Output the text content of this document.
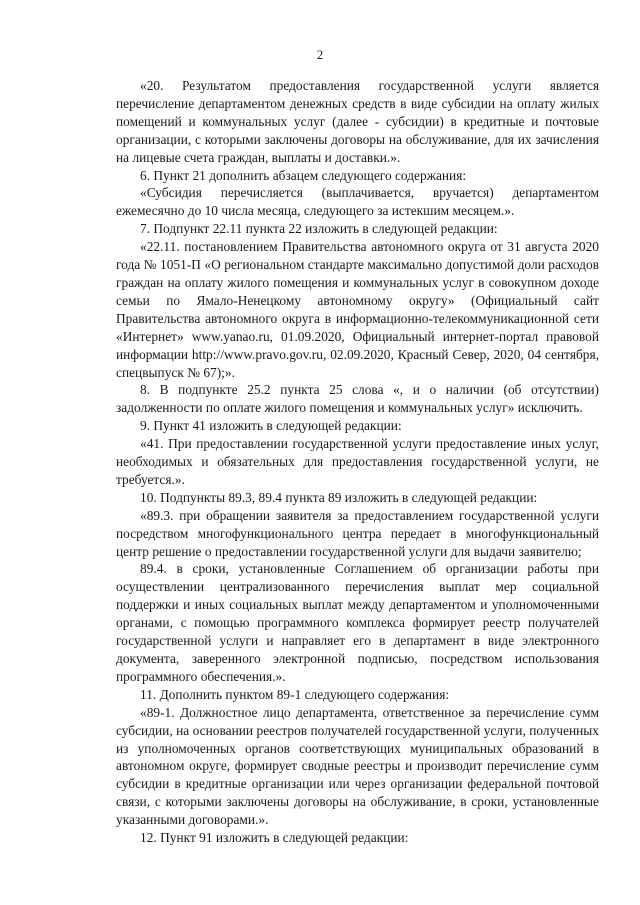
2

«20. Результатом предоставления государственной услуги является перечисление департаментом денежных средств в виде субсидии на оплату жилых помещений и коммунальных услуг (далее - субсидии) в кредитные и почтовые организации, с которыми заключены договоры на обслуживание, для их зачисления на лицевые счета граждан, выплаты и доставки.».

6. Пункт 21 дополнить абзацем следующего содержания:

«Субсидия перечисляется (выплачивается, вручается) департаментом ежемесячно до 10 числа месяца, следующего за истекшим месяцем.».

7. Подпункт 22.11 пункта 22 изложить в следующей редакции:

«22.11. постановлением Правительства автономного округа от 31 августа 2020 года № 1051-П «О региональном стандарте максимально допустимой доли расходов граждан на оплату жилого помещения и коммунальных услуг в совокупном доходе семьи по Ямало-Ненецкому автономному округу» (Официальный сайт Правительства автономного округа в информационно-телекоммуникационной сети «Интернет» www.yanao.ru, 01.09.2020, Официальный интернет-портал правовой информации http://www.pravo.gov.ru, 02.09.2020, Красный Север, 2020, 04 сентября, спецвыпуск № 67);».

8. В подпункте 25.2 пункта 25 слова «, и о наличии (об отсутствии) задолженности по оплате жилого помещения и коммунальных услуг» исключить.

9. Пункт 41 изложить в следующей редакции:

«41. При предоставлении государственной услуги предоставление иных услуг, необходимых и обязательных для предоставления государственной услуги, не требуется.».

10. Подпункты 89.3, 89.4 пункта 89 изложить в следующей редакции:

«89.3. при обращении заявителя за предоставлением государственной услуги посредством многофункционального центра передает в многофункциональный центр решение о предоставлении государственной услуги для выдачи заявителю;

89.4. в сроки, установленные Соглашением об организации работы при осуществлении централизованного перечисления выплат мер социальной поддержки и иных социальных выплат между департаментом и уполномоченными органами, с помощью программного комплекса формирует реестр получателей государственной услуги и направляет его в департамент в виде электронного документа, заверенного электронной подписью, посредством использования программного обеспечения.».

11. Дополнить пунктом 89-1 следующего содержания:

«89-1. Должностное лицо департамента, ответственное за перечисление сумм субсидии, на основании реестров получателей государственной услуги, полученных из уполномоченных органов соответствующих муниципальных образований в автономном округе, формирует сводные реестры и производит перечисление сумм субсидии в кредитные организации или через организации федеральной почтовой связи, с которыми заключены договоры на обслуживание, в сроки, установленные указанными договорами.».

12. Пункт 91 изложить в следующей редакции:
